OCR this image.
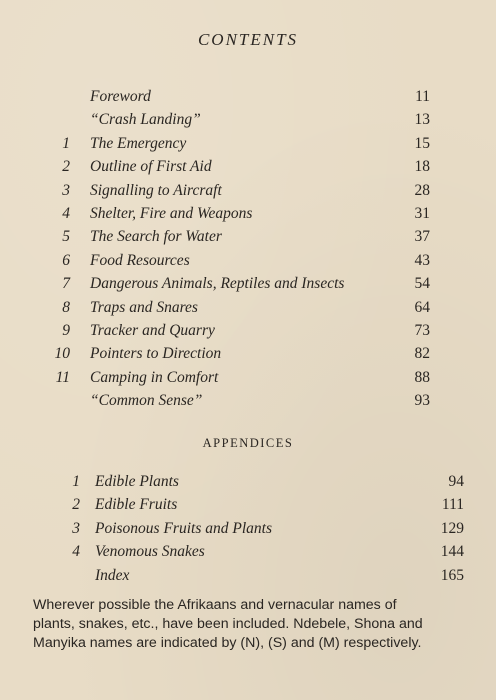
CONTENTS
Foreword	11
“Crash Landing”	13
1 The Emergency	15
2 Outline of First Aid	18
3 Signalling to Aircraft	28
4 Shelter, Fire and Weapons	31
5 The Search for Water	37
6 Food Resources	43
7 Dangerous Animals, Reptiles and Insects	54
8 Traps and Snares	64
9 Tracker and Quarry	73
10 Pointers to Direction	82
11 Camping in Comfort	88
“Common Sense”	93
APPENDICES
1 Edible Plants	94
2 Edible Fruits	111
3 Poisonous Fruits and Plants	129
4 Venomous Snakes	144
Index	165
Wherever possible the Afrikaans and vernacular names of
plants, snakes, etc., have been included. Ndebele, Shona and
Manyika names are indicated by (N), (S) and (M) respectively.
